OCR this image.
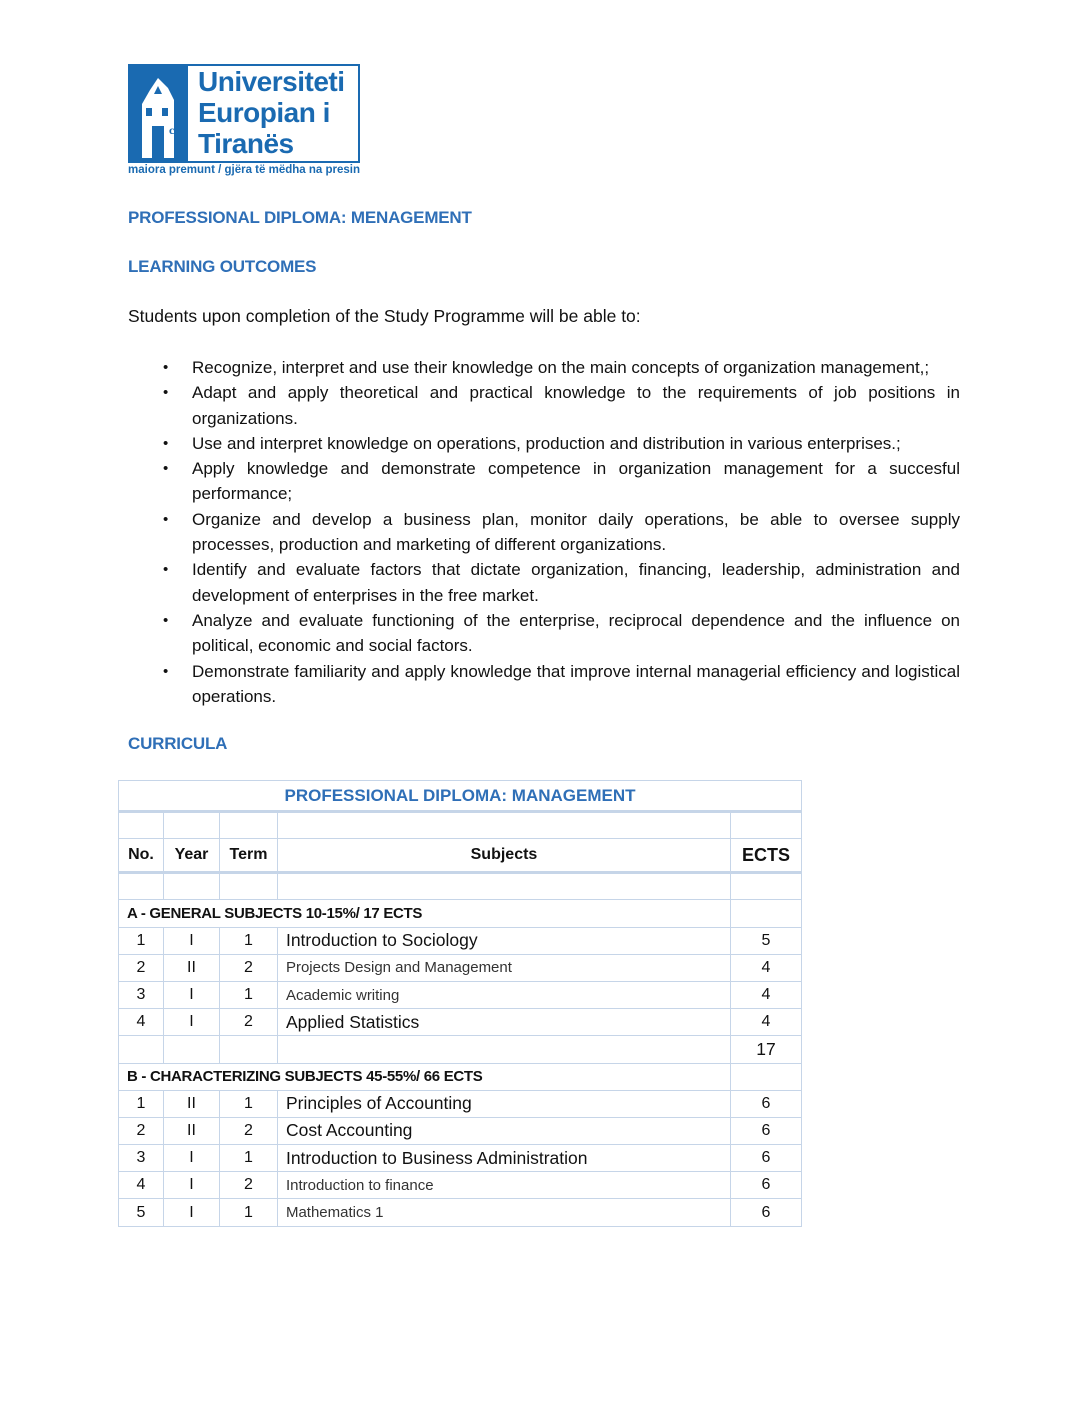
c
Universiteti
Europian i
Tiranës
maiora premunt / gjëra të mëdha na presin
PROFESSIONAL DIPLOMA: MENAGEMENT
LEARNING OUTCOMES
Students upon completion of the Study Programme will be able to:
• Recognize, interpret and use their knowledge on the main concepts of organization management,;
• Adapt and apply theoretical and practical knowledge to the requirements of job positions in organizations.
• Use and interpret knowledge on operations, production and distribution in various enterprises.;
• Apply knowledge and demonstrate competence in organization management for a succesful performance;
• Organize and develop a business plan, monitor daily operations, be able to oversee supply processes, production and marketing of different organizations.
• Identify and evaluate factors that dictate organization, financing, leadership, administration and development of enterprises in the free market.
• Analyze and evaluate functioning of the enterprise, reciprocal dependence and the influence on political, economic and social factors.
• Demonstrate familiarity and apply knowledge that improve internal managerial efficiency and logistical operations.
CURRICULA
PROFESSIONAL DIPLOMA: MANAGEMENT				

No.	Year	Term	Subjects	ECTS

A - GENERAL SUBJECTS 10-15%/ 17 ECTS				
1	I	1	Introduction to Sociology	5
2	II	2	Projects Design and Management	4
3	I	1	Academic writing	4
4	I	2	Applied Statistics	4
				17
B - CHARACTERIZING SUBJECTS 45-55%/ 66 ECTS				
1	II	1	Principles of Accounting	6
2	II	2	Cost Accounting	6
3	I	1	Introduction to Business Administration	6
4	I	2	Introduction to finance	6
5	I	1	Mathematics 1	6
